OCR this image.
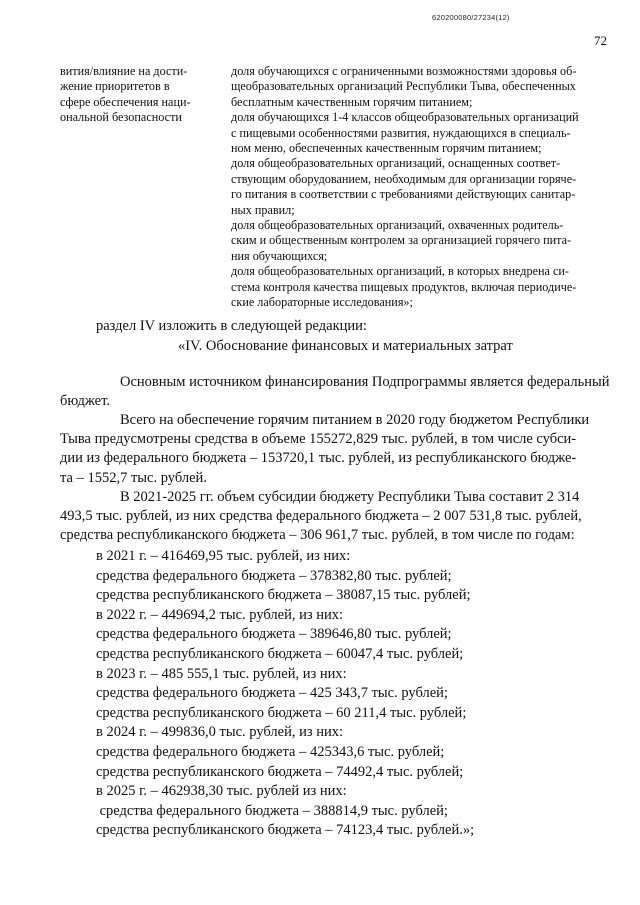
620200080/27234(12)
72
вития/влияние на дости-
жение приоритетов в
сфере обеспечения наци-
ональной безопасности
доля обучающихся с ограниченными возможностями здоровья об-
щеобразовательных организаций Республики Тыва, обеспеченных
бесплатным качественным горячим питанием;
доля обучающихся 1-4 классов общеобразовательных организаций
с пищевыми особенностями развития, нуждающихся в специаль-
ном меню, обеспеченных качественным горячим питанием;
доля общеобразовательных организаций, оснащенных соответ-
ствующим оборудованием, необходимым для организации горяче-
го питания в соответствии с требованиями действующих санитар-
ных правил;
доля общеобразовательных организаций, охваченных родитель-
ским и общественным контролем за организацией горячего пита-
ния обучающихся;
доля общеобразовательных организаций, в которых внедрена си-
стема контроля качества пищевых продуктов, включая периодиче-
ские лабораторные исследования»;
раздел IV изложить в следующей редакции:
«IV. Обоснование финансовых и материальных затрат
Основным источником финансирования Подпрограммы является федеральный
бюджет.
Всего на обеспечение горячим питанием в 2020 году бюджетом Республики
Тыва предусмотрены средства в объеме 155272,829 тыс. рублей, в том числе субси-
дии из федерального бюджета – 153720,1 тыс. рублей, из республиканского бюдже-
та – 1552,7 тыс. рублей.
В 2021-2025 гг. объем субсидии бюджету Республики Тыва составит 2 314
493,5 тыс. рублей, из них средства федерального бюджета – 2 007 531,8 тыс. рублей,
средства республиканского бюджета – 306 961,7 тыс. рублей, в том числе по годам:
в 2021 г. – 416469,95 тыс. рублей, из них:
средства федерального бюджета – 378382,80 тыс. рублей;
средства республиканского бюджета – 38087,15 тыс. рублей;
в 2022 г. – 449694,2 тыс. рублей, из них:
средства федерального бюджета – 389646,80 тыс. рублей;
средства республиканского бюджета – 60047,4 тыс. рублей;
в 2023 г. – 485 555,1 тыс. рублей, из них:
средства федерального бюджета – 425 343,7 тыс. рублей;
средства республиканского бюджета – 60 211,4 тыс. рублей;
в 2024 г. – 499836,0 тыс. рублей, из них:
средства федерального бюджета – 425343,6 тыс. рублей;
средства республиканского бюджета – 74492,4 тыс. рублей;
в 2025 г. – 462938,30 тыс. рублей из них:
средства федерального бюджета – 388814,9 тыс. рублей;
средства республиканского бюджета – 74123,4 тыс. рублей.»;
